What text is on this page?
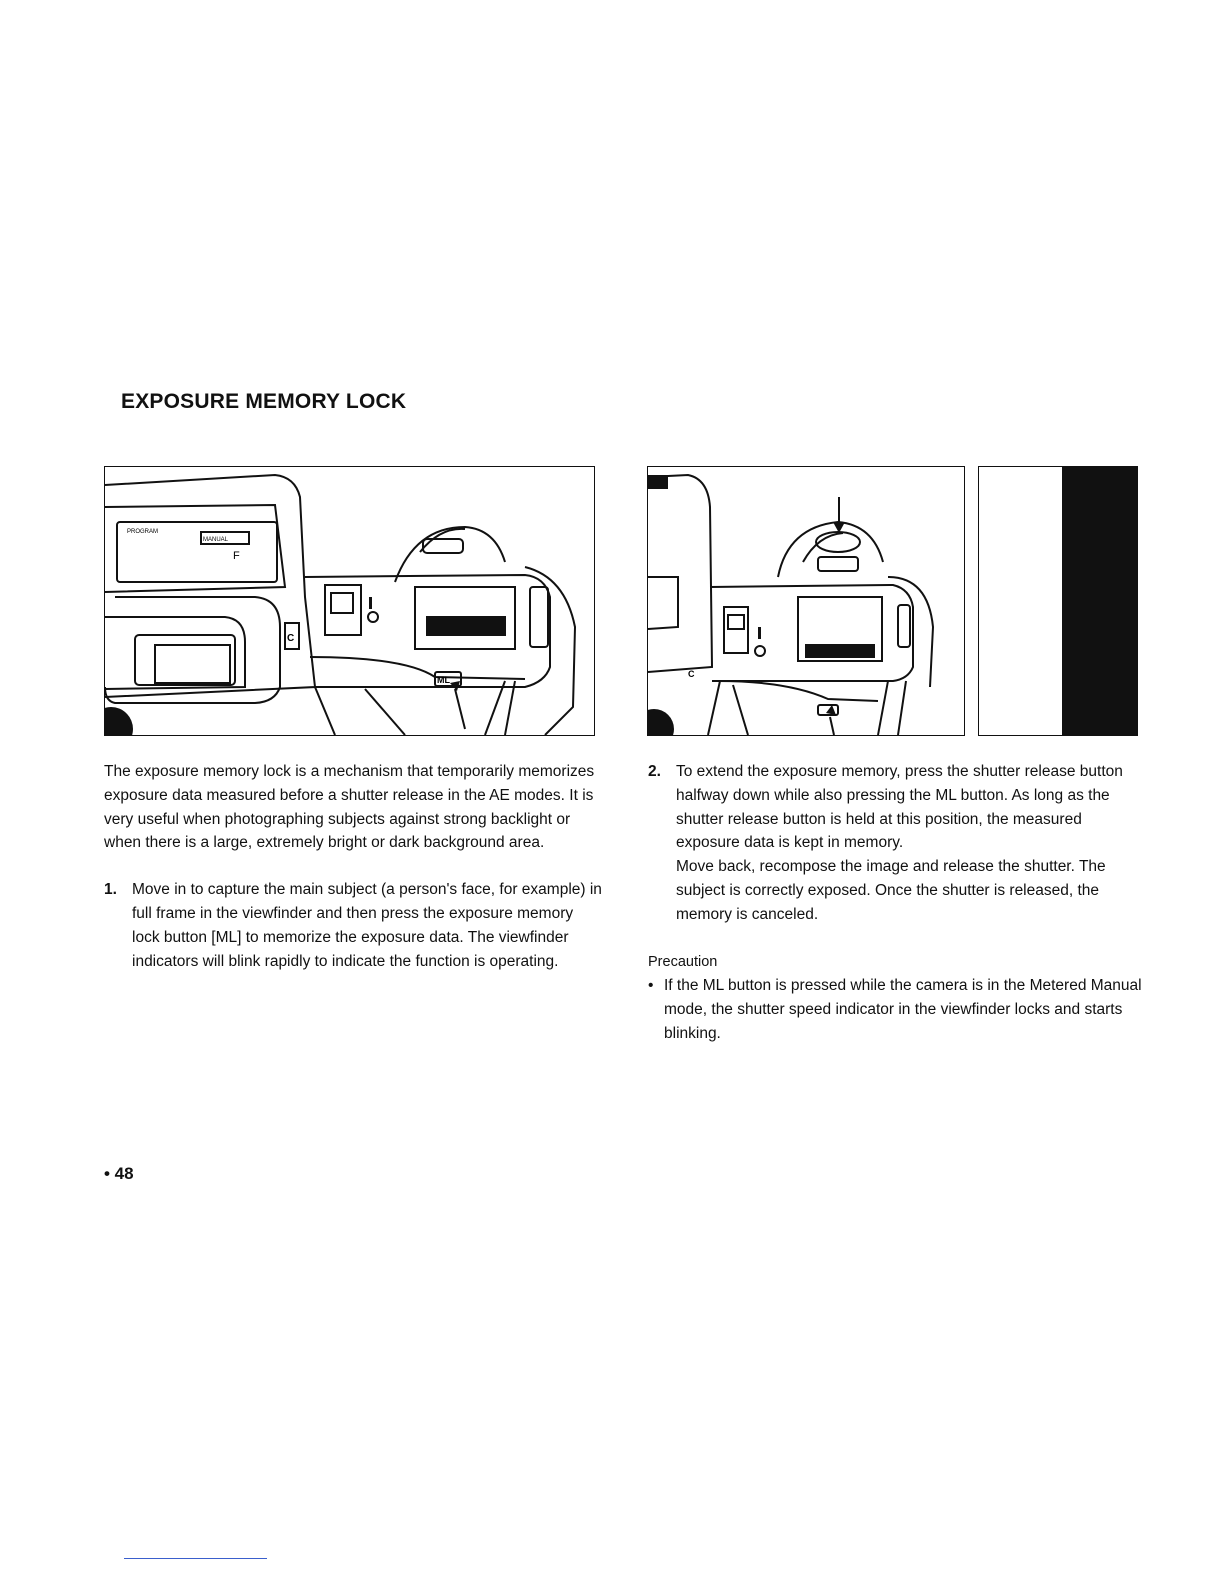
EXPOSURE MEMORY LOCK
PROGRAM
MANUAL
F
C
ML
C

The exposure memory lock is a mechanism that temporarily memorizes exposure data measured before a shutter release in the AE modes. It is very useful when photographing subjects against strong backlight or when there is a large, extremely bright or dark background area.

1. Move in to capture the main subject (a person's face, for example) in full frame in the viewfinder and then press the exposure memory lock button [ML] to memorize the exposure data. The viewfinder indicators will blink rapidly to indicate the function is operating.
2. To extend the exposure memory, press the shutter release button halfway down while also pressing the ML button. As long as the shutter release button is held at this position, the measured exposure data is kept in memory.

Move back, recompose the image and release the shutter. The subject is correctly exposed. Once the shutter is released, the memory is canceled.

Precaution
• If the ML button is pressed while the camera is in the Metered Manual mode, the shutter speed indicator in the viewfinder locks and starts blinking.
• 48
